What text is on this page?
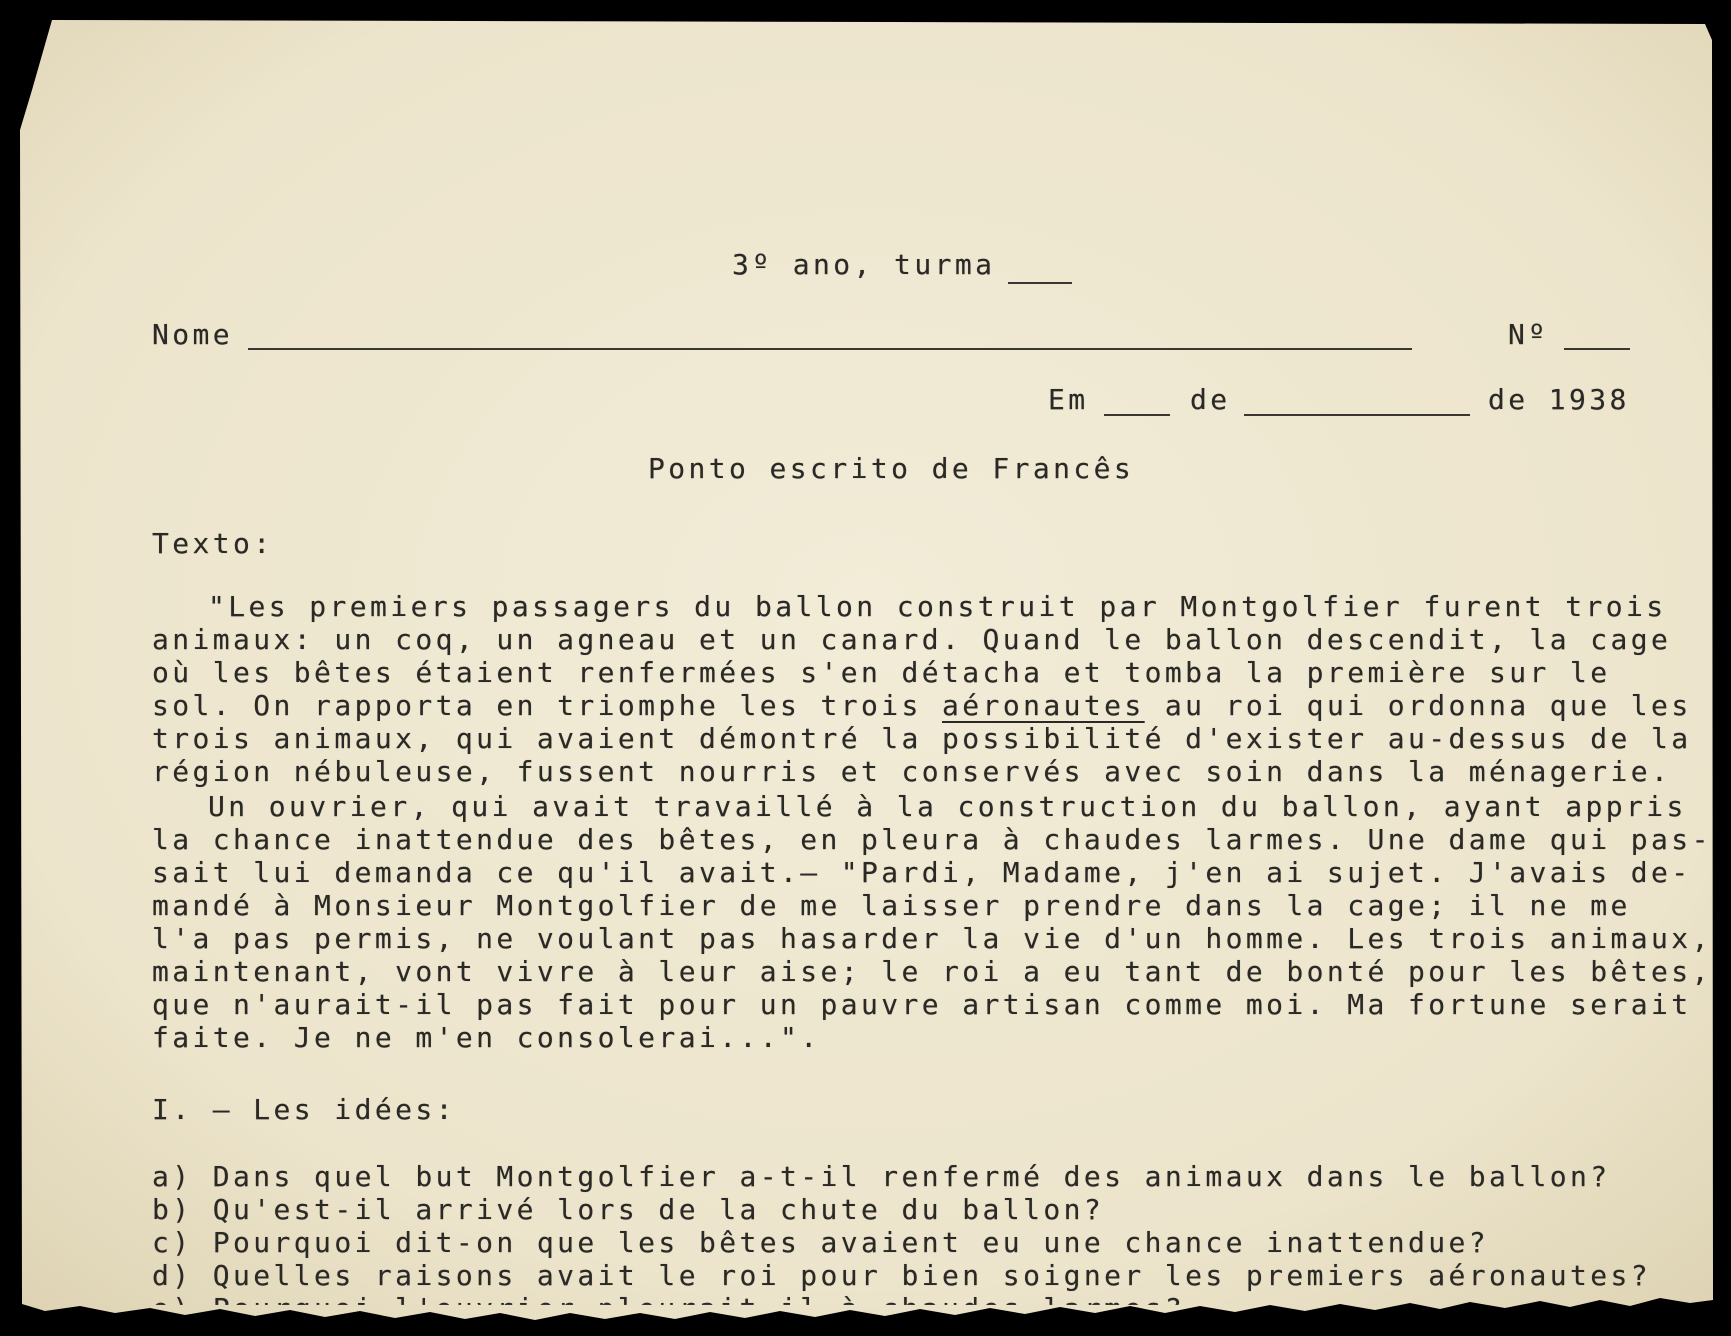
3º ano, turma
Nome	Nº
Em	de	de 1938
Ponto escrito de Francês
Texto:
"Les premiers passagers du ballon construit par Montgolfier furent trois
animaux: un coq, un agneau et un canard. Quand le ballon descendit, la cage
où les bêtes étaient renfermées s'en détacha et tomba la première sur le
sol. On rapporta en triomphe les trois aéronautes au roi qui ordonna que les
trois animaux, qui avaient démontré la possibilité d'exister au-dessus de la
région nébuleuse, fussent nourris et conservés avec soin dans la ménagerie.
Un ouvrier, qui avait travaillé à la construction du ballon, ayant appris
la chance inattendue des bêtes, en pleura à chaudes larmes. Une dame qui pas-
sait lui demanda ce qu'il avait.— "Pardi, Madame, j'en ai sujet. J'avais de-
mandé à Monsieur Montgolfier de me laisser prendre dans la cage; il ne me
l'a pas permis, ne voulant pas hasarder la vie d'un homme. Les trois animaux,
maintenant, vont vivre à leur aise; le roi a eu tant de bonté pour les bêtes,
que n'aurait-il pas fait pour un pauvre artisan comme moi. Ma fortune serait
faite. Je ne m'en consolerai...".
I. — Les idées:
a) Dans quel but Montgolfier a-t-il renfermé des animaux dans le ballon?
b) Qu'est-il arrivé lors de la chute du ballon?
c) Pourquoi dit-on que les bêtes avaient eu une chance inattendue?
d) Quelles raisons avait le roi pour bien soigner les premiers aéronautes?
